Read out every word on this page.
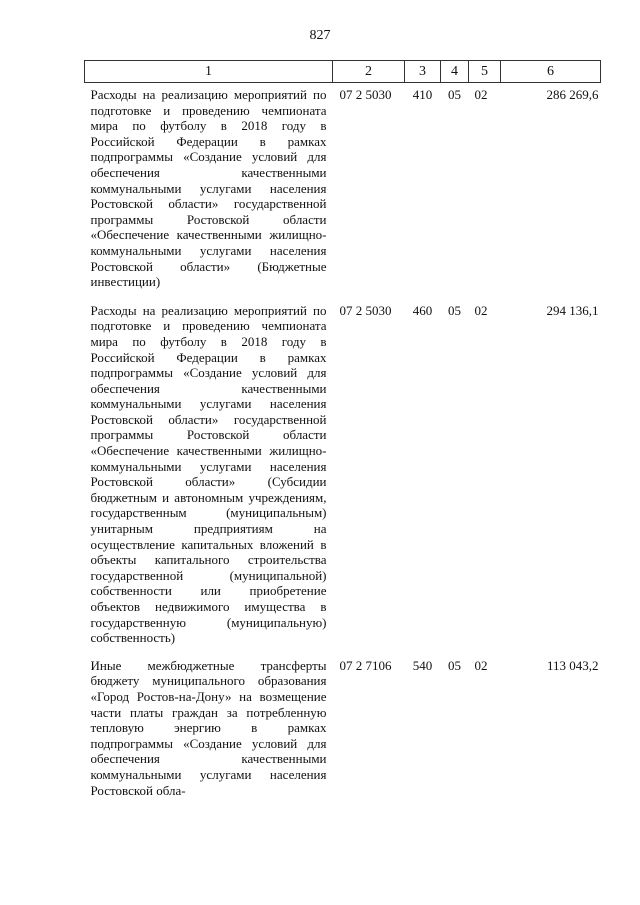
827
1	2	3	4	5	6
Расходы на реализацию мероприятий по подготовке и проведению чемпионата мира по футболу в 2018 году в Российской Федерации в рамках подпрограммы «Создание условий для обеспечения качественными коммунальными услугами населения Ростовской области» государственной программы Ростовской области «Обеспечение качественными жилищно-коммунальными услугами населения Ростовской области» (Бюджетные инвестиции)	07 2 5030	410	05	02	286 269,6
Расходы на реализацию мероприятий по подготовке и проведению чемпионата мира по футболу в 2018 году в Российской Федерации в рамках подпрограммы «Создание условий для обеспечения качественными коммунальными услугами населения Ростовской области» государственной программы Ростовской области «Обеспечение качественными жилищно-коммунальными услугами населения Ростовской области» (Субсидии бюджетным и автономным учреждениям, государственным (муниципальным) унитарным предприятиям на осуществление капитальных вложений в объекты капитального строительства государственной (муниципальной) собственности или приобретение объектов недвижимого имущества в государственную (муниципальную) собственность)	07 2 5030	460	05	02	294 136,1
Иные межбюджетные трансферты бюджету муниципального образования «Город Ростов-на-Дону» на возмещение части платы граждан за потребленную тепловую энергию в рамках подпрограммы «Создание условий для обеспечения качественными коммунальными услугами населения Ростовской обла-	07 2 7106	540	05	02	113 043,2
